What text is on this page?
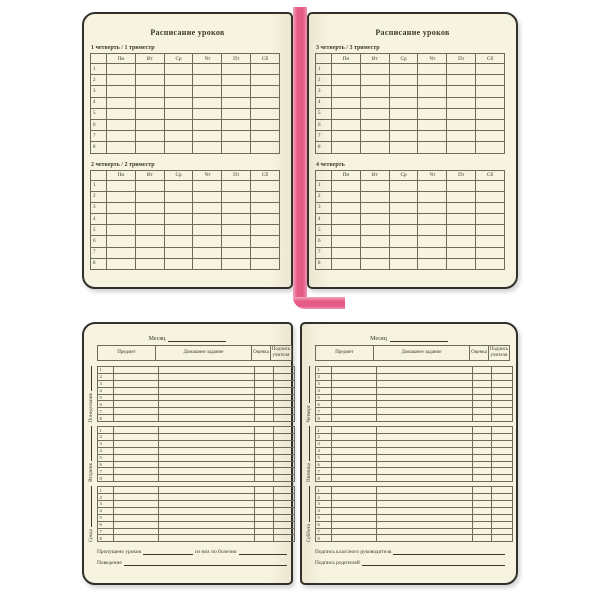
Расписание уроков
1 четверть / 1 триместр
	Пн	Вт	Ср	Чт	Пт	Сб
1						
2						
3						
4						
5						
6						
7						
8						
2 четверть / 2 триместр
	Пн	Вт	Ср	Чт	Пт	Сб
1						
2						
3						
4						
5						
6						
7						
8						
Расписание уроков
3 четверть / 3 триместр
	Пн	Вт	Ср	Чт	Пт	Сб
1						
2						
3						
4						
5						
6						
7						
8						
4 четверть
	Пн	Вт	Ср	Чт	Пт	Сб
1						
2						
3						
4						
5						
6						
7						
8						
Месяц
Предмет	Домашнее задание	Оценка	Подпись учителя
Понедельник
1				
2				
3				
4				
5				
6				
7				
8				
Вторник
1				
2				
3				
4				
5				
6				
7				
8				
Среда
1				
2				
3				
4				
5				
6				
7				
8				
Пропущено уроков	из них по болезни
Поведение
Месяц
Предмет	Домашнее задание	Оценка	Подпись учителя
Четверг
1				
2				
3				
4				
5				
6				
7				
8				
Пятница
1				
2				
3				
4				
5				
6				
7				
8				
Суббота
1				
2				
3				
4				
5				
6				
7				
8				
Подпись классного руководителя
Подпись родителей
